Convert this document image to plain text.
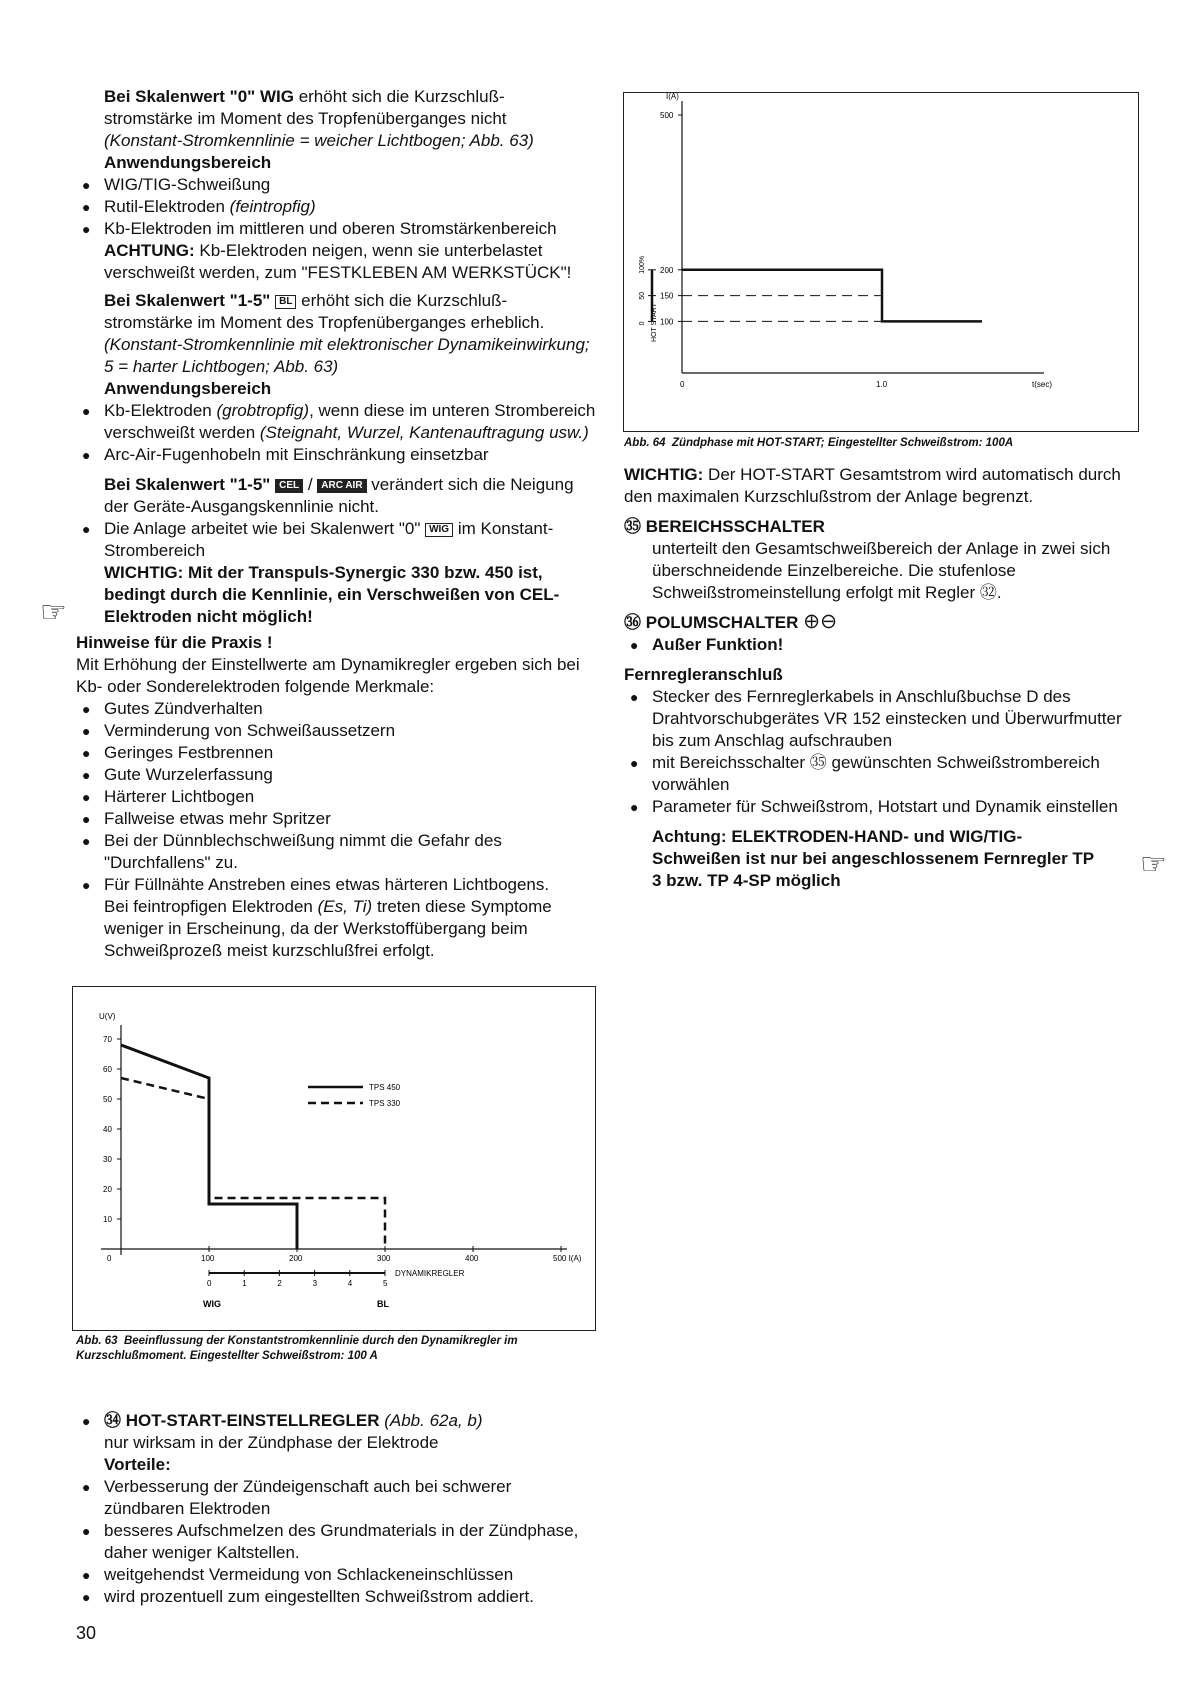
Bei Skalenwert "0" WIG erhöht sich die Kurzschluß-
stromstärke im Moment des Tropfenüberganges nicht
(Konstant-Stromkennlinie = weicher Lichtbogen; Abb. 63)
Anwendungsbereich
● WIG/TIG-Schweißung
● Rutil-Elektroden (feintropfig)
● Kb-Elektroden im mittleren und oberen Stromstärkenbereich
ACHTUNG: Kb-Elektroden neigen, wenn sie unterbelastet verschweißt werden, zum "FESTKLEBEN AM WERKSTÜCK"!
Bei Skalenwert "1-5" BL erhöht sich die Kurzschluß-
stromstärke im Moment des Tropfenüberganges erheblich.
(Konstant-Stromkennlinie mit elektronischer Dynamikeinwirkung; 5 = harter Lichtbogen; Abb. 63)
Anwendungsbereich
● Kb-Elektroden (grobtropfig), wenn diese im unteren Strombereich verschweißt werden (Steignaht, Wurzel, Kantenauftragung usw.)
● Arc-Air-Fugenhobeln mit Einschränkung einsetzbar
Bei Skalenwert "1-5" CEL / ARC AIR verändert sich die Neigung der Geräte-Ausgangskennlinie nicht.
● Die Anlage arbeitet wie bei Skalenwert "0" WIG im Konstant-Strombereich
WICHTIG: Mit der Transpuls-Synergic 330 bzw. 450 ist, bedingt durch die Kennlinie, ein Verschweißen von CEL-Elektroden nicht möglich!
Hinweise für die Praxis !
Mit Erhöhung der Einstellwerte am Dynamikregler ergeben sich bei Kb- oder Sonderelektroden folgende Merkmale:
● Gutes Zündverhalten
● Verminderung von Schweißaussetzern
● Geringes Festbrennen
● Gute Wurzelerfassung
● Härterer Lichtbogen
● Fallweise etwas mehr Spritzer
● Bei der Dünnblechschweißung nimmt die Gefahr des "Durchfallens" zu.
● Für Füllnähte Anstreben eines etwas härteren Lichtbogens.
Bei feintropfigen Elektroden (Es, Ti) treten diese Symptome weniger in Erscheinung, da der Werkstoffübergang beim Schweißprozeß meist kurzschlußfrei erfolgt.
☞
☞
U(V)
10
20
30
40
50
60
70
0	100	200	300	400	500 I(A)
TPS 450
TPS 330
DYNAMIKREGLER
0	1	2	3	4	5
WIG	BL
Abb. 63 Beeinflussung der Konstantstromkennlinie durch den Dynamikregler im Kurzschlußmoment. Eingestellter Schweißstrom: 100 A
● ㉞ HOT-START-EINSTELLREGLER (Abb. 62a, b)
nur wirksam in der Zündphase der Elektrode
Vorteile:
● Verbesserung der Zündeigenschaft auch bei schwerer zündbaren Elektroden
● besseres Aufschmelzen des Grundmaterials in der Zündphase, daher weniger Kaltstellen.
● weitgehendst Vermeidung von Schlackeneinschlüssen
● wird prozentuell zum eingestellten Schweißstrom addiert.
30
I(A)
100
150
200
500
0	1.0	t(sec)
0
50
100%
HOT START
Abb. 64 Zündphase mit HOT-START; Eingestellter Schweißstrom: 100A
WICHTIG: Der HOT-START Gesamtstrom wird automatisch durch den maximalen Kurzschlußstrom der Anlage begrenzt.
㉟ BEREICHSSCHALTER
unterteilt den Gesamtschweißbereich der Anlage in zwei sich überschneidende Einzelbereiche. Die stufenlose Schweißstromeinstellung erfolgt mit Regler ㉜.
㊱ POLUMSCHALTER ⊕⊖
● Außer Funktion!
Fernregleranschluß
● Stecker des Fernreglerkabels in Anschlußbuchse D des Drahtvorschubgerätes VR 152 einstecken und Überwurfmutter bis zum Anschlag aufschrauben
● mit Bereichsschalter ㉟ gewünschten Schweißstrombereich vorwählen
● Parameter für Schweißstrom, Hotstart und Dynamik einstellen
Achtung: ELEKTRODEN-HAND- und WIG/TIG-Schweißen ist nur bei angeschlossenem Fernregler TP 3 bzw. TP 4-SP möglich
